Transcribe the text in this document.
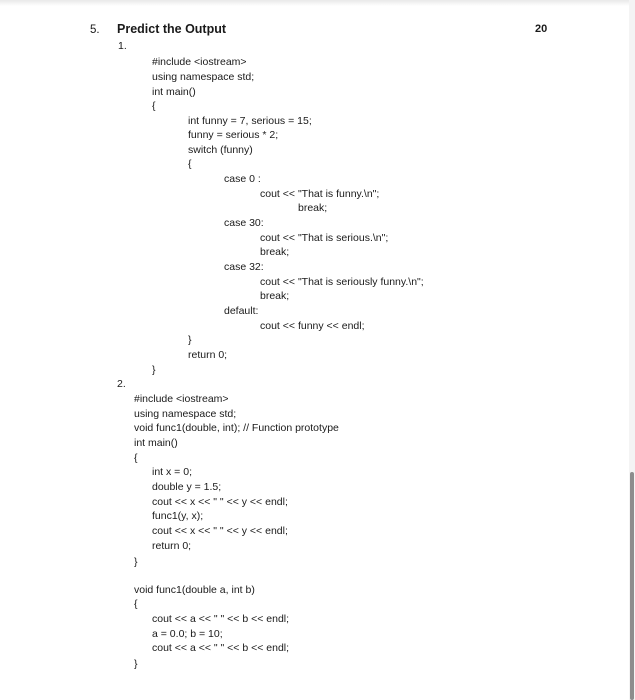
5. Predict the Output	20
1.
#include <iostream>
using namespace std;
int main()
{
int funny = 7, serious = 15;
funny = serious * 2;
switch (funny)
{
case 0 :
cout << "That is funny.\n";
break;
case 30:
cout << "That is serious.\n";
break;
case 32:
cout << "That is seriously funny.\n";
break;
default:
cout << funny << endl;
}
return 0;
}
2.
#include <iostream>
using namespace std;
void func1(double, int); // Function prototype
int main()
{
int x = 0;
double y = 1.5;
cout << x << " " << y << endl;
func1(y, x);
cout << x << " " << y << endl;
return 0;
}
void func1(double a, int b)
{
cout << a << " " << b << endl;
a = 0.0; b = 10;
cout << a << " " << b << endl;
}
